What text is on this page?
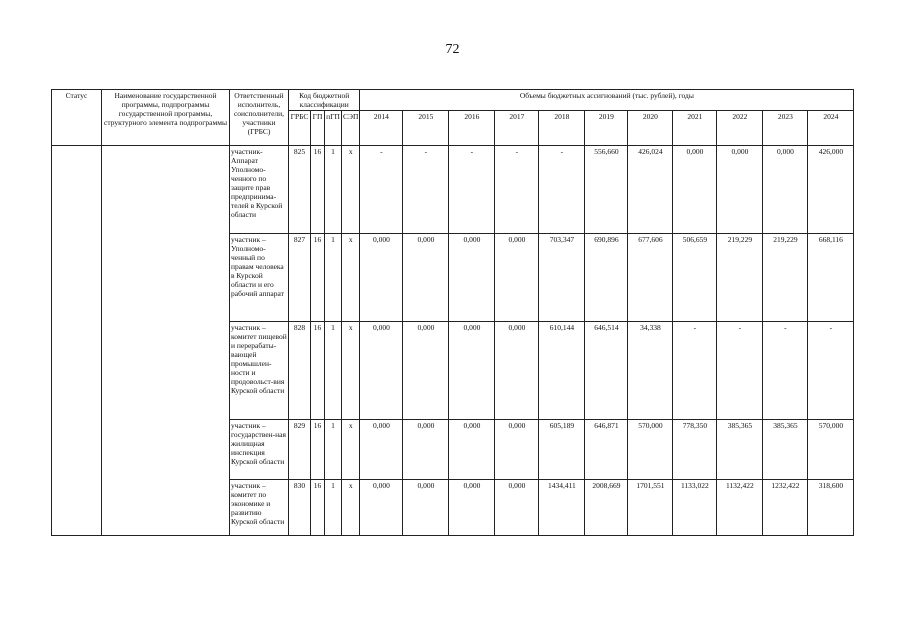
72
Статус	Наименование государственной программы, подпрограммы государственной программы, структурного элемента подпрограммы	Ответственный исполнитель, соисполнители, участники (ГРБС)	Код бюджетной классификации				Объемы бюджетных ассигнований (тыс. рублей), годы										
			ГРБС	ГП	пГП	СЭП	2014	2015	2016	2017	2018	2019	2020	2021	2022	2023	2024
		участник- Аппарат Уполномо-ченного по защите прав предпринима-телей в Курской области	825	16	1	х	-	-	-	-	-	556,660	426,024	0,000	0,000	0,000	426,000
		участник – Уполномо-ченный по правам человека в Курской области и его рабочий аппарат	827	16	1	х	0,000	0,000	0,000	0,000	703,347	690,896	677,606	506,659	219,229	219,229	668,116
		участник – комитет пищевой и перерабаты-вающей промышлен-ности и продовольст-вия Курской области	828	16	1	х	0,000	0,000	0,000	0,000	610,144	646,514	34,338	-	-	-	-
		участник – государствен-ная жилищная инспекция Курской области	829	16	1	х	0,000	0,000	0,000	0,000	605,189	646,871	570,000	778,350	385,365	385,365	570,000
		участник – комитет по экономике и развитию Курской области	830	16	1	х	0,000	0,000	0,000	0,000	1434,411	2008,669	1701,551	1133,022	1132,422	1232,422	318,600
